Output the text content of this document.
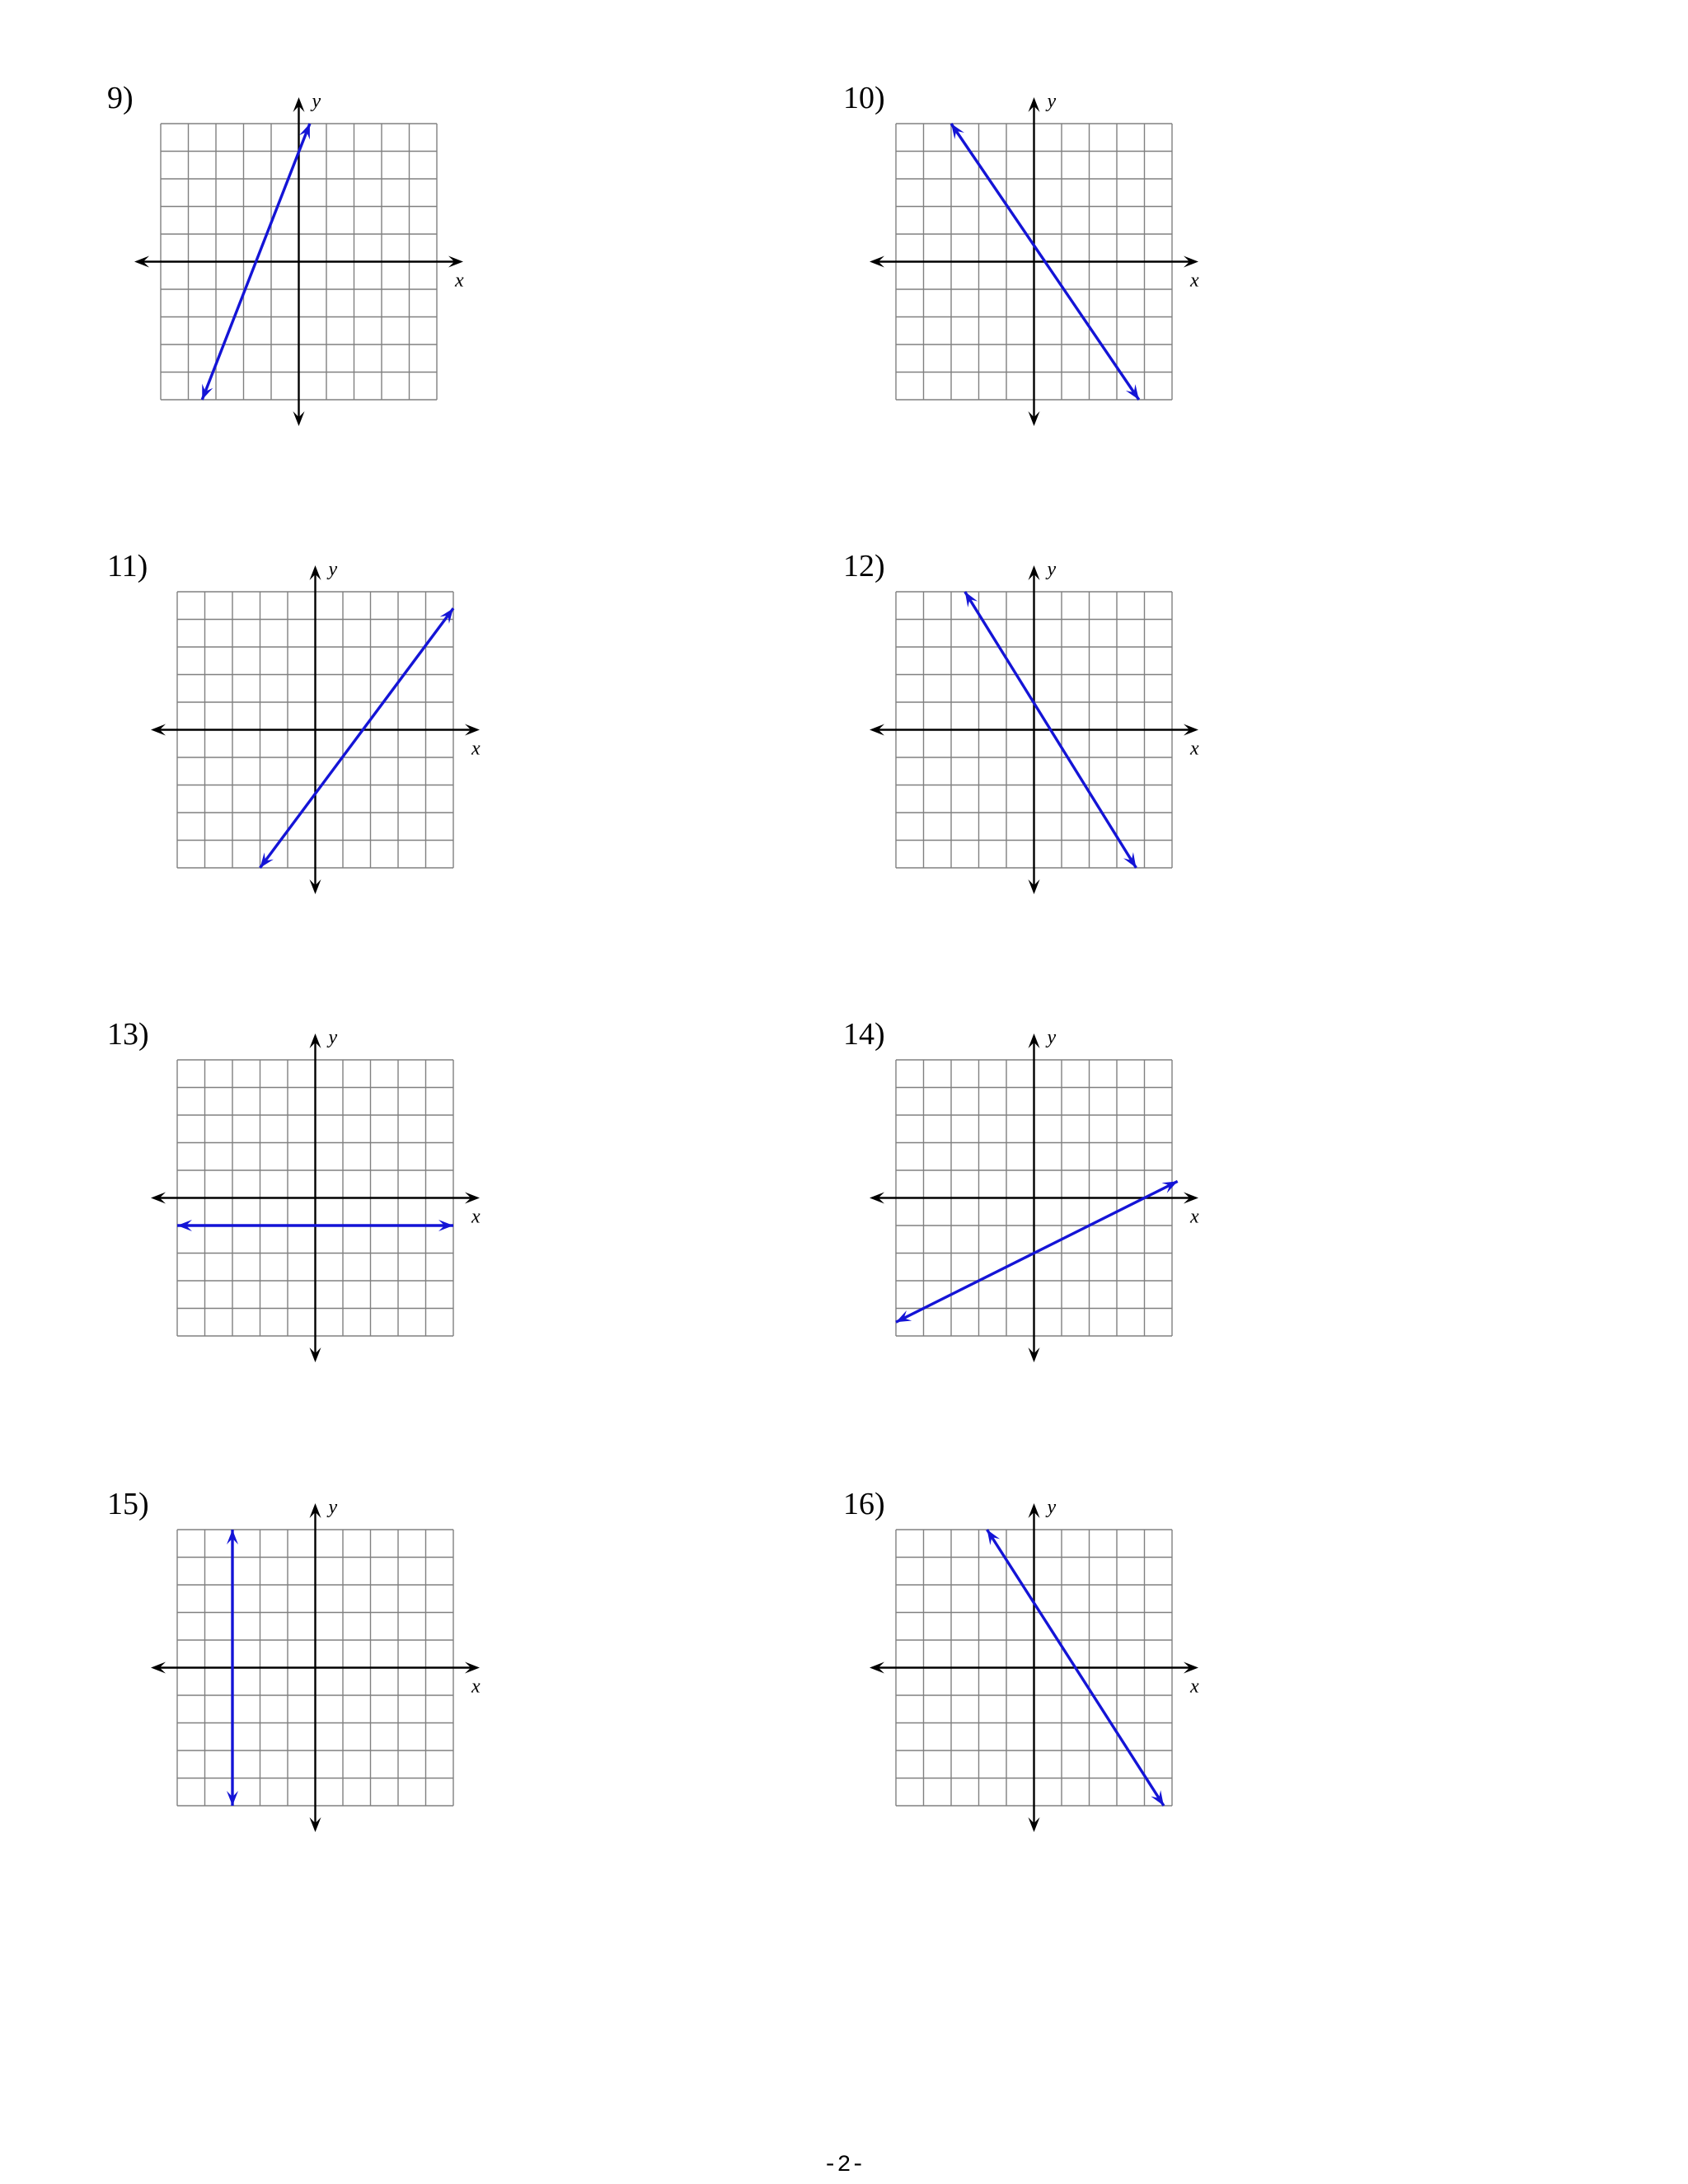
9)
x
y	10)
x
y
11)
x
y	12)
x
y
13)
x
y	14)
x
y
15)
x
y	16)
x
y
-2-
